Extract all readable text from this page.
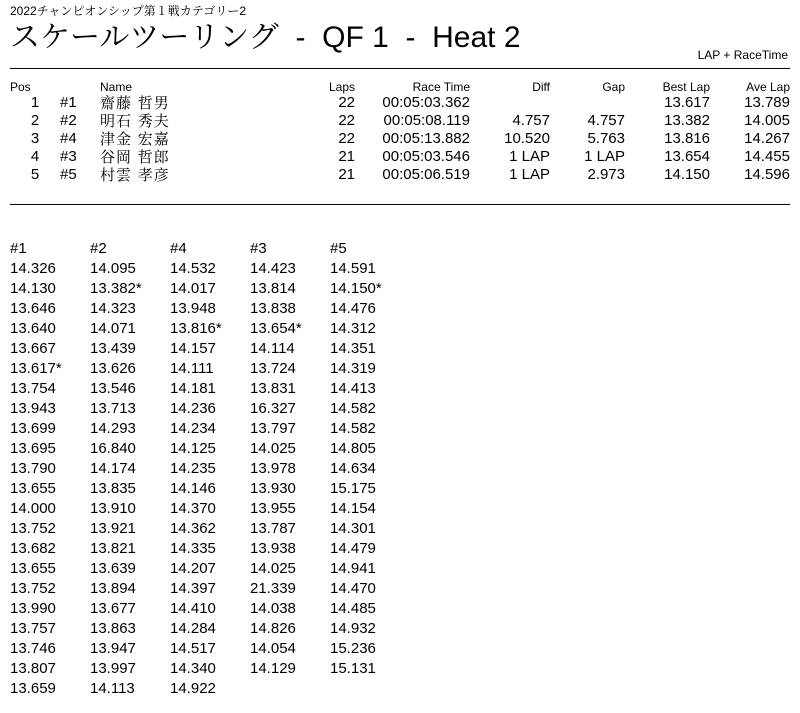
2022チャンピオンシップ第１戦カテゴリー2
スケールツーリング  -  QF 1  -  Heat 2
LAP + RaceTime
Pos		Name	Laps	Race Time	Diff	Gap	Best Lap	Ave Lap
1	#1	齋藤 哲男	22	00:05:03.362			13.617	13.789
2	#2	明石 秀夫	22	00:05:08.119	4.757	4.757	13.382	14.005
3	#4	津金 宏嘉	22	00:05:13.882	10.520	5.763	13.816	14.267
4	#3	谷岡 哲郎	21	00:05:03.546	1 LAP	1 LAP	13.654	14.455
5	#5	村雲 孝彦	21	00:05:06.519	1 LAP	2.973	14.150	14.596
#1	#2	#4	#3	#5
14.326	14.095	14.532	14.423	14.591
14.130	13.382*	14.017	13.814	14.150*
13.646	14.323	13.948	13.838	14.476
13.640	14.071	13.816*	13.654*	14.312
13.667	13.439	14.157	14.114	14.351
13.617*	13.626	14.111	13.724	14.319
13.754	13.546	14.181	13.831	14.413
13.943	13.713	14.236	16.327	14.582
13.699	14.293	14.234	13.797	14.582
13.695	16.840	14.125	14.025	14.805
13.790	14.174	14.235	13.978	14.634
13.655	13.835	14.146	13.930	15.175
14.000	13.910	14.370	13.955	14.154
13.752	13.921	14.362	13.787	14.301
13.682	13.821	14.335	13.938	14.479
13.655	13.639	14.207	14.025	14.941
13.752	13.894	14.397	21.339	14.470
13.990	13.677	14.410	14.038	14.485
13.757	13.863	14.284	14.826	14.932
13.746	13.947	14.517	14.054	15.236
13.807	13.997	14.340	14.129	15.131
13.659	14.113	14.922		
